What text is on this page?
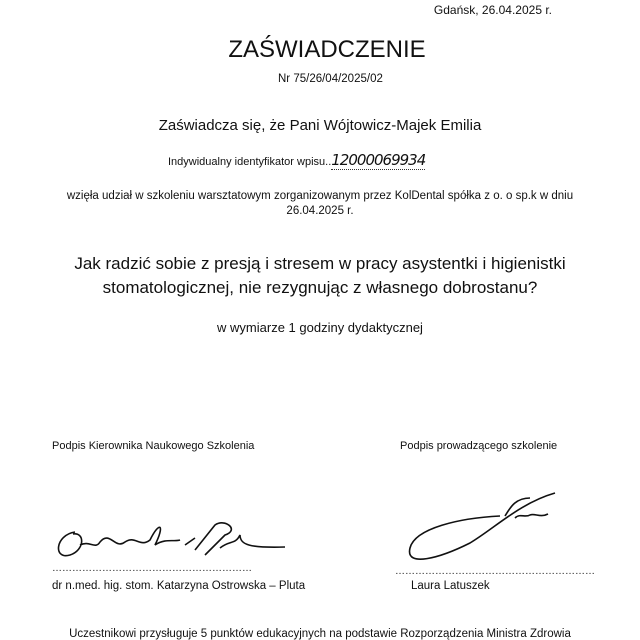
Gdańsk, 26.04.2025 r.
ZAŚWIADCZENIE
Nr 75/26/04/2025/02
Zaświadcza się, że Pani Wójtowicz-Majek Emilia
Indywidualny identyfikator wpisu..12000069934
wzięła udział w szkoleniu warsztatowym zorganizowanym przez KolDental spółka z o. o sp.k w dniu
26.04.2025 r.
Jak radzić sobie z presją i stresem w pracy asystentki i higienistki
stomatologicznej, nie rezygnując z własnego dobrostanu?
w wymiarze 1 godziny dydaktycznej
Podpis Kierownika Naukowego Szkolenia	Podpis prowadzącego szkolenie
……………………………………………………	……………………………………………………
dr n.med. hig. stom. Katarzyna Ostrowska – Pluta	Laura Latuszek
Uczestnikowi przysługuje 5 punktów edukacyjnych na podstawie Rozporządzenia Ministra Zdrowia
